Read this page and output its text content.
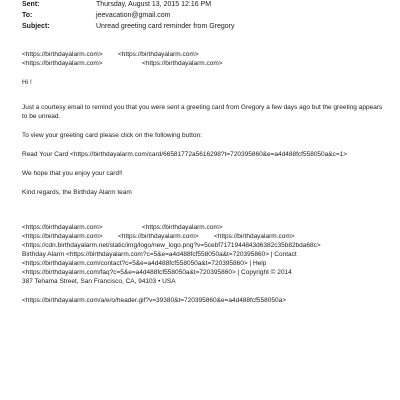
Sent:	Thursday, August 13, 2015 12:16 PM
To:	jeevacation@gmail.com
Subject:	Unread greeting card reminder from Gregory
<https://birthdayalarm.com> <https://birthdayalarm.com>
<https://birthdayalarm.com>	<https://birthdayalarm.com>
Hi !
Just a courtesy email to remind you that you were sent a greeting card from Gregory a few days ago but the greeting appears to be unread.
To view your greeting card please click on the following button:
Read Your Card <https://birthdayalarm.com/card/66581772a5616298?t=720395860&e=a4d488fcf558050a&c=1>
We hope that you enjoy your card!!
Kind regards, the Birthday Alarm team
<https://birthdayalarm.com>	<https://birthdayalarm.com>
<https://birthdayalarm.com> <https://birthdayalarm.com> <https://birthdayalarm.com>
<https://cdn.birthdayalarm.net/static/img/logo/new_logo.png?v=5cebf7171944843d6382c35b82bda68c>
Birthday Alarm <https://birthdayalarm.com?c=5&e=a4d488fcf558050a&t=720395860> | Contact
<https://birthdayalarm.com/contact?c=5&e=a4d488fcf558050a&t=720395860> | Help
<https://birthdayalarm.com/faq?c=5&e=a4d488fcf558050a&t=720395860> | Copyright © 2014
387 Tehama Street, San Francisco, CA, 94103 • USA
<https://birthdayalarm.com/a/e/o/header.gif?v=39380&t=720395860&e=a4d488fcf558050a>
